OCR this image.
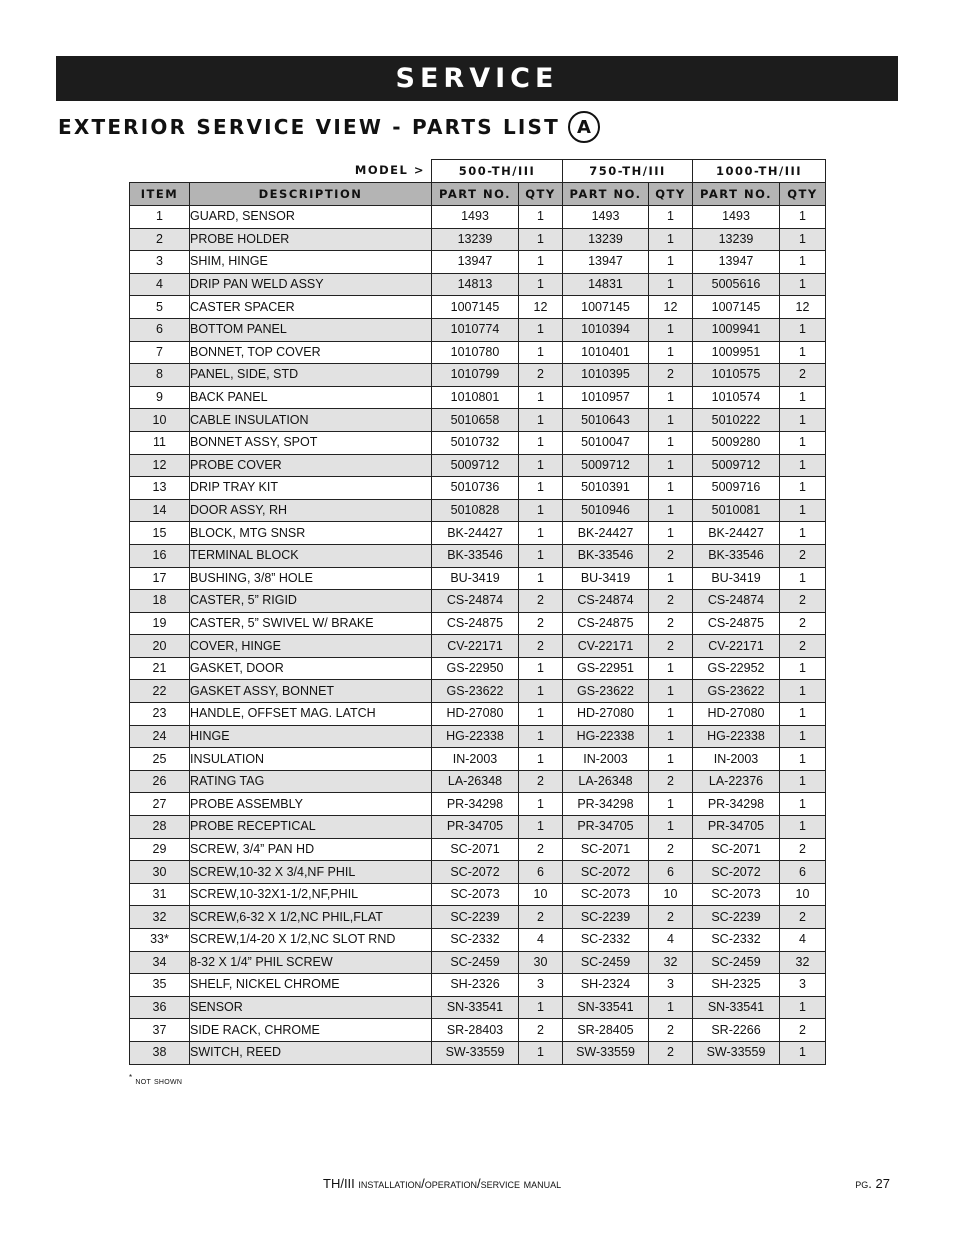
SERVICE
EXTERIOR SERVICE VIEW - PARTS LIST A
MODEL >		500-TH/III		750-TH/III		1000-TH/III	
ITEM	DESCRIPTION	PART NO.	QTY	PART NO.	QTY	PART NO.	QTY
1	GUARD, SENSOR	1493	1	1493	1	1493	1
2	PROBE HOLDER	13239	1	13239	1	13239	1
3	SHIM, HINGE	13947	1	13947	1	13947	1
4	DRIP PAN WELD ASSY	14813	1	14831	1	5005616	1
5	CASTER SPACER	1007145	12	1007145	12	1007145	12
6	BOTTOM PANEL	1010774	1	1010394	1	1009941	1
7	BONNET, TOP COVER	1010780	1	1010401	1	1009951	1
8	PANEL, SIDE, STD	1010799	2	1010395	2	1010575	2
9	BACK PANEL	1010801	1	1010957	1	1010574	1
10	CABLE INSULATION	5010658	1	5010643	1	5010222	1
11	BONNET ASSY, SPOT	5010732	1	5010047	1	5009280	1
12	PROBE COVER	5009712	1	5009712	1	5009712	1
13	DRIP TRAY KIT	5010736	1	5010391	1	5009716	1
14	DOOR ASSY, RH	5010828	1	5010946	1	5010081	1
15	BLOCK, MTG SNSR	BK-24427	1	BK-24427	1	BK-24427	1
16	TERMINAL BLOCK	BK-33546	1	BK-33546	2	BK-33546	2
17	BUSHING, 3/8” HOLE	BU-3419	1	BU-3419	1	BU-3419	1
18	CASTER, 5” RIGID	CS-24874	2	CS-24874	2	CS-24874	2
19	CASTER, 5” SWIVEL W/ BRAKE	CS-24875	2	CS-24875	2	CS-24875	2
20	COVER, HINGE	CV-22171	2	CV-22171	2	CV-22171	2
21	GASKET, DOOR	GS-22950	1	GS-22951	1	GS-22952	1
22	GASKET ASSY, BONNET	GS-23622	1	GS-23622	1	GS-23622	1
23	HANDLE, OFFSET MAG. LATCH	HD-27080	1	HD-27080	1	HD-27080	1
24	HINGE	HG-22338	1	HG-22338	1	HG-22338	1
25	INSULATION	IN-2003	1	IN-2003	1	IN-2003	1
26	RATING TAG	LA-26348	2	LA-26348	2	LA-22376	1
27	PROBE ASSEMBLY	PR-34298	1	PR-34298	1	PR-34298	1
28	PROBE RECEPTICAL	PR-34705	1	PR-34705	1	PR-34705	1
29	SCREW, 3/4” PAN HD	SC-2071	2	SC-2071	2	SC-2071	2
30	SCREW,10-32 X 3/4,NF PHIL	SC-2072	6	SC-2072	6	SC-2072	6
31	SCREW,10-32X1-1/2,NF,PHIL	SC-2073	10	SC-2073	10	SC-2073	10
32	SCREW,6-32 X 1/2,NC PHIL,FLAT	SC-2239	2	SC-2239	2	SC-2239	2
33*	SCREW,1/4-20 X 1/2,NC SLOT RND	SC-2332	4	SC-2332	4	SC-2332	4
34	8-32 X 1/4” PHIL SCREW	SC-2459	30	SC-2459	32	SC-2459	32
35	SHELF, NICKEL CHROME	SH-2326	3	SH-2324	3	SH-2325	3
36	SENSOR	SN-33541	1	SN-33541	1	SN-33541	1
37	SIDE RACK, CHROME	SR-28403	2	SR-28405	2	SR-2266	2
38	SWITCH, REED	SW-33559	1	SW-33559	2	SW-33559	1
* not shown
TH/III installation/operation/service manual	pg. 27
